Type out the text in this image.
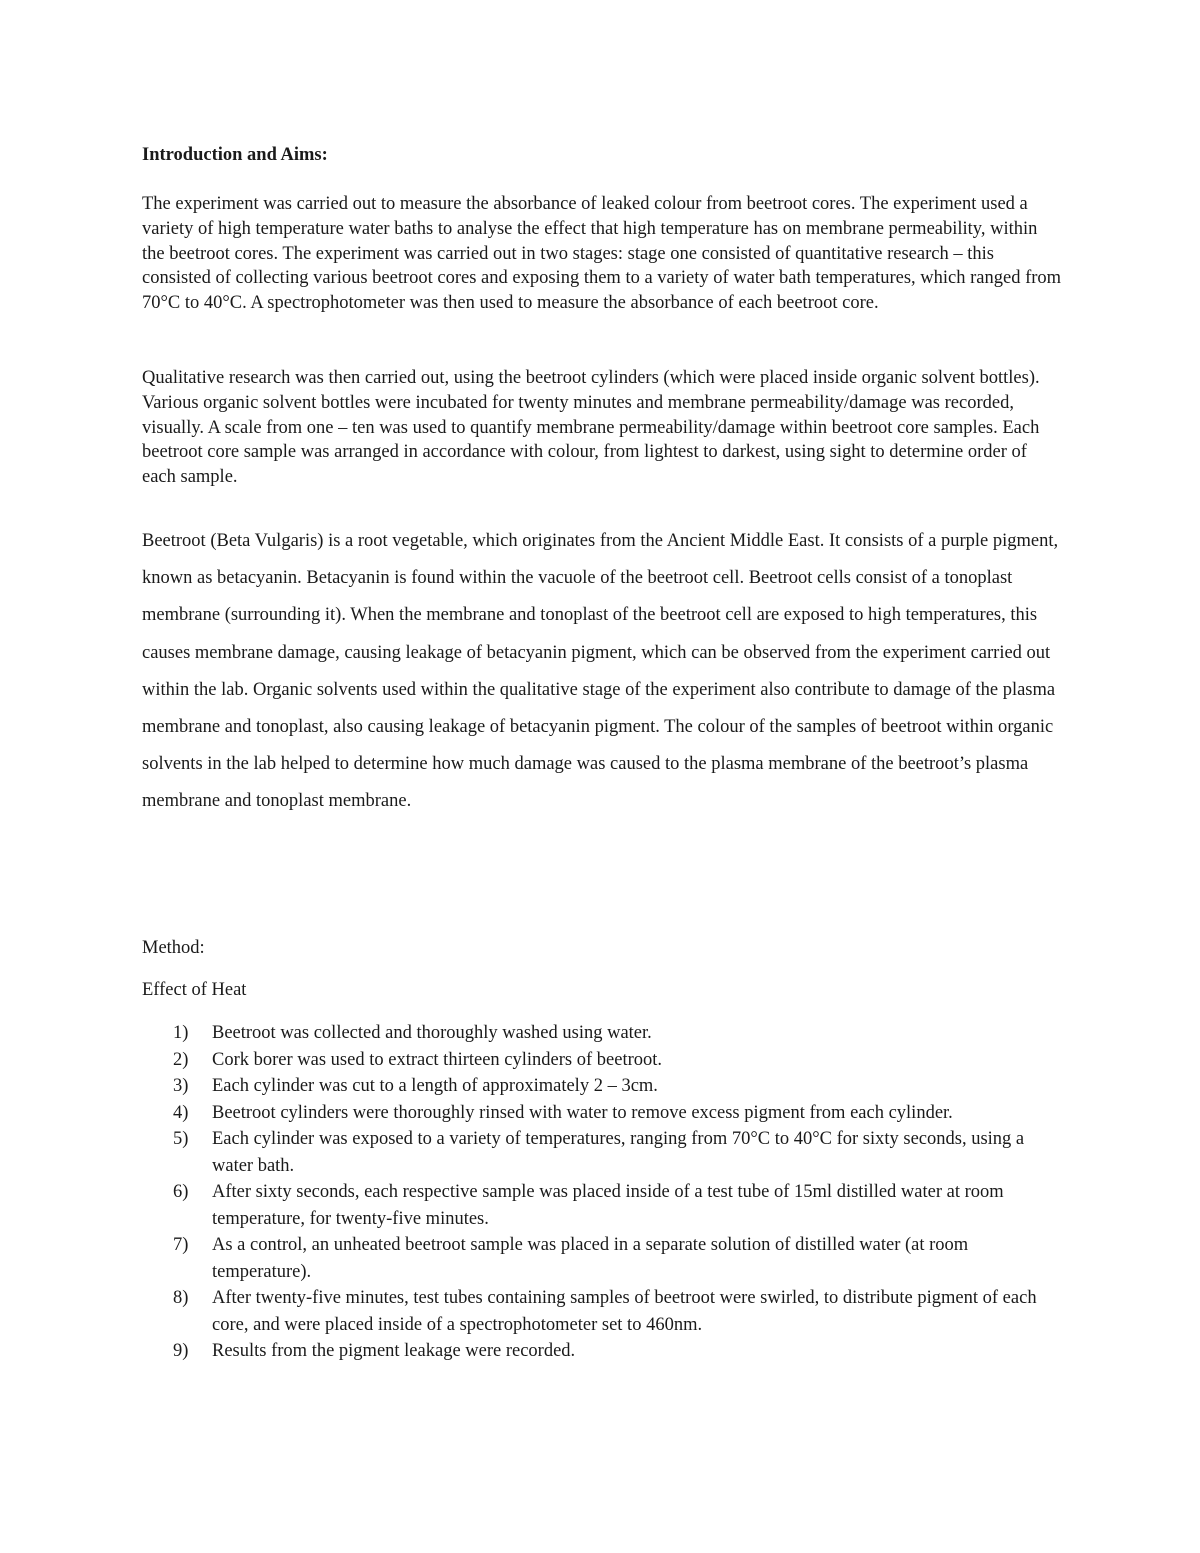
Introduction and Aims:
The experiment was carried out to measure the absorbance of leaked colour from beetroot cores. The experiment used a variety of high temperature water baths to analyse the effect that high temperature has on membrane permeability, within the beetroot cores. The experiment was carried out in two stages: stage one consisted of quantitative research – this consisted of collecting various beetroot cores and exposing them to a variety of water bath temperatures, which ranged from 70°C to 40°C. A spectrophotometer was then used to measure the absorbance of each beetroot core.
Qualitative research was then carried out, using the beetroot cylinders (which were placed inside organic solvent bottles). Various organic solvent bottles were incubated for twenty minutes and membrane permeability/damage was recorded, visually. A scale from one – ten was used to quantify membrane permeability/damage within beetroot core samples. Each beetroot core sample was arranged in accordance with colour, from lightest to darkest, using sight to determine order of each sample.
Beetroot (Beta Vulgaris) is a root vegetable, which originates from the Ancient Middle East. It consists of a purple pigment, known as betacyanin. Betacyanin is found within the vacuole of the beetroot cell. Beetroot cells consist of a tonoplast membrane (surrounding it). When the membrane and tonoplast of the beetroot cell are exposed to high temperatures, this causes membrane damage, causing leakage of betacyanin pigment, which can be observed from the experiment carried out within the lab. Organic solvents used within the qualitative stage of the experiment also contribute to damage of the plasma membrane and tonoplast, also causing leakage of betacyanin pigment. The colour of the samples of beetroot within organic solvents in the lab helped to determine how much damage was caused to the plasma membrane of the beetroot’s plasma membrane and tonoplast membrane.
Method:
Effect of Heat
1) Beetroot was collected and thoroughly washed using water.
2) Cork borer was used to extract thirteen cylinders of beetroot.
3) Each cylinder was cut to a length of approximately 2 – 3cm.
4) Beetroot cylinders were thoroughly rinsed with water to remove excess pigment from each cylinder.
5) Each cylinder was exposed to a variety of temperatures, ranging from 70°C to 40°C for sixty seconds, using a water bath.
6) After sixty seconds, each respective sample was placed inside of a test tube of 15ml distilled water at room temperature, for twenty-five minutes.
7) As a control, an unheated beetroot sample was placed in a separate solution of distilled water (at room temperature).
8) After twenty-five minutes, test tubes containing samples of beetroot were swirled, to distribute pigment of each core, and were placed inside of a spectrophotometer set to 460nm.
9) Results from the pigment leakage were recorded.
